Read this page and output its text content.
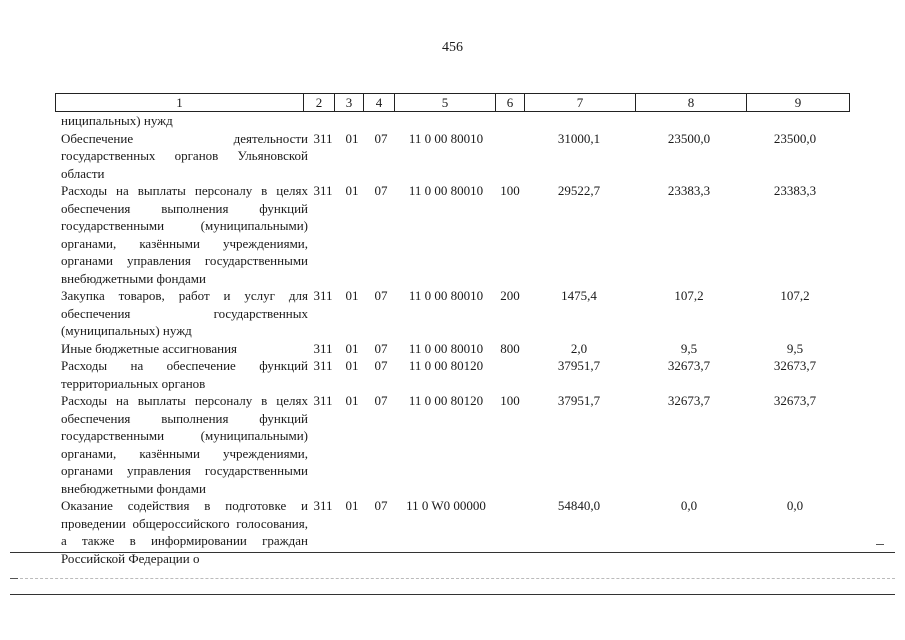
456
1	2	3	4	5	6	7	8	9
ниципальных) нужд								
Обеспечение деятельности государственных органов Ульяновской области	311	01	07	11 0 00 80010		31000,1	23500,0	23500,0
Расходы на выплаты персоналу в целях обеспечения выполнения функций государственными (муниципальными) органами, казёнными учреждениями, органами управления государственными внебюджетными фондами	311	01	07	11 0 00 80010	100	29522,7	23383,3	23383,3
Закупка товаров, работ и услуг для обеспечения государственных (муниципальных) нужд	311	01	07	11 0 00 80010	200	1475,4	107,2	107,2
Иные бюджетные ассигнования	311	01	07	11 0 00 80010	800	2,0	9,5	9,5
Расходы на обеспечение функций территориальных органов	311	01	07	11 0 00 80120		37951,7	32673,7	32673,7
Расходы на выплаты персоналу в целях обеспечения выполнения функций государственными (муниципальными) органами, казёнными учреждениями, органами управления государственными внебюджетными фондами	311	01	07	11 0 00 80120	100	37951,7	32673,7	32673,7
Оказание содействия в подготовке и проведении общероссийского голосования, а также в информировании граждан Российской Федерации о	311	01	07	11 0 W0 00000		54840,0	0,0	0,0
